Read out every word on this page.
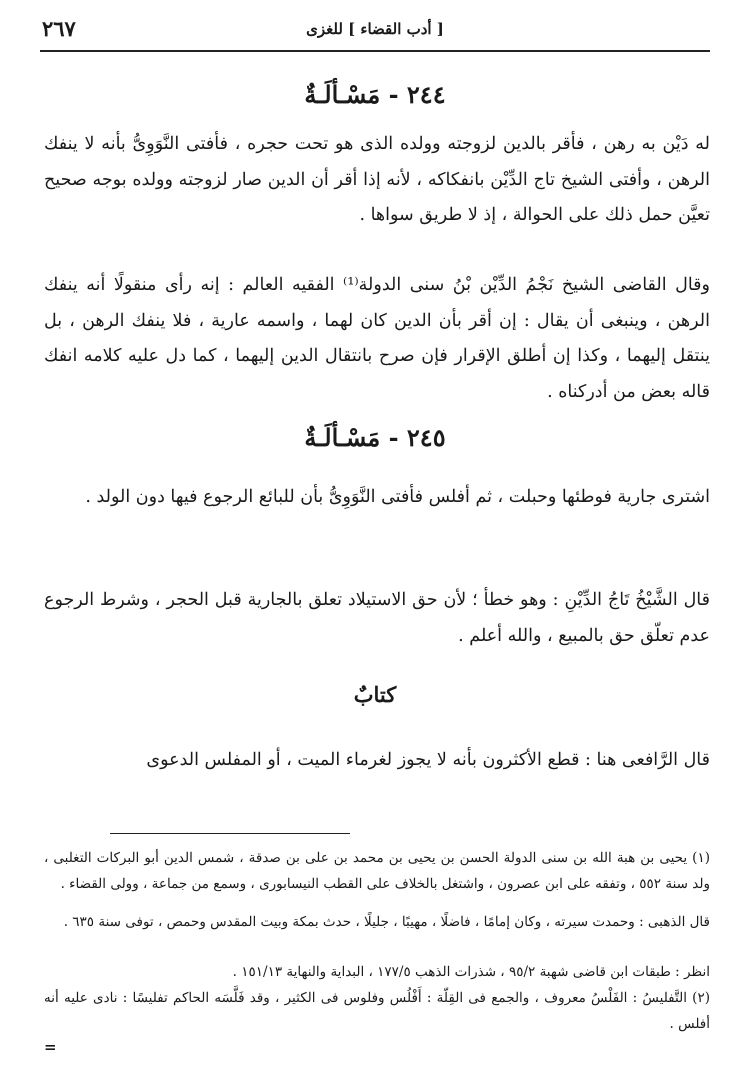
٢٦٧	[ أدب القضاء ] للغزى
٢٤٤ - مَسْـألَـةٌ

له دَيْن به رهن ، فأقر بالدين لزوجته وولده الذى هو تحت حجره ، فأفتى النَّوَوِىُّ بأنه لا ينفك الرهن ، وأفتى الشيخ تاج الدِّيْن بانفكاكه ، لأنه إذا أقر أن الدين صار لزوجته وولده بوجه صحيح تعيَّن حمل ذلك على الحوالة ، إذ لا طريق سواها .

وقال القاضى الشيخ نَجْمُ الدِّيْن بْنُ سنى الدولة⁽¹⁾ الفقيه العالم : إنه رأى منقولًا أنه ينفك الرهن ، وينبغى أن يقال : إن أقر بأن الدين كان لهما ، واسمه عارية ، فلا ينفك الرهن ، بل ينتقل إليهما ، وكذا إن أطلق الإقرار فإن صرح بانتقال الدين إليهما ، كما دل عليه كلامه انفك قاله بعض من أدركناه .

٢٤٥ - مَسْـألَـةٌ

اشترى جارية فوطئها وحبلت ، ثم أفلس فأفتى النَّوَوِىُّ بأن للبائع الرجوع فيها دون الولد .

قال الشَّيْخُ تَاجُ الدِّيْنِ : وهو خطأ ؛ لأن حق الاستيلاد تعلق بالجارية قبل الحجر ، وشرط الرجوع عدم تعلّق حق بالمبيع ، والله أعلم .

كتابٌ

قال الرَّافعى هنا : قطع الأكثرون بأنه لا يجوز لغرماء الميت ، أو المفلس الدعوى

(١) يحيى بن هبة الله بن سنى الدولة الحسن بن يحيى بن محمد بن على بن صدقة ، شمس الدين أبو البركات التغلبى ، ولد سنة ٥٥٢ ، وتفقه على ابن عصرون ، واشتغل بالخلاف على القطب النيسابورى ، وسمع من جماعة ، وولى القضاء .

قال الذهبى : وحمدت سيرته ، وكان إمامًا ، فاضلًا ، مهيبًا ، جليلًا ، حدث بمكة وبيت المقدس وحمص ، توفى سنة ٦٣٥ .

انظر : طبقات ابن قاضى شهبة ٩٥/٢ ، شذرات الذهب ١٧٧/٥ ، البداية والنهاية ١٥١/١٣ .

(٢) التَّفليسُ : الفَلْسُ معروف ، والجمع فى القِلّة : أَفْلُس وفلوس فى الكثير ، وقد فَلَّسَه الحاكم تفليسًا : نادى عليه أنه أفلس .

=
